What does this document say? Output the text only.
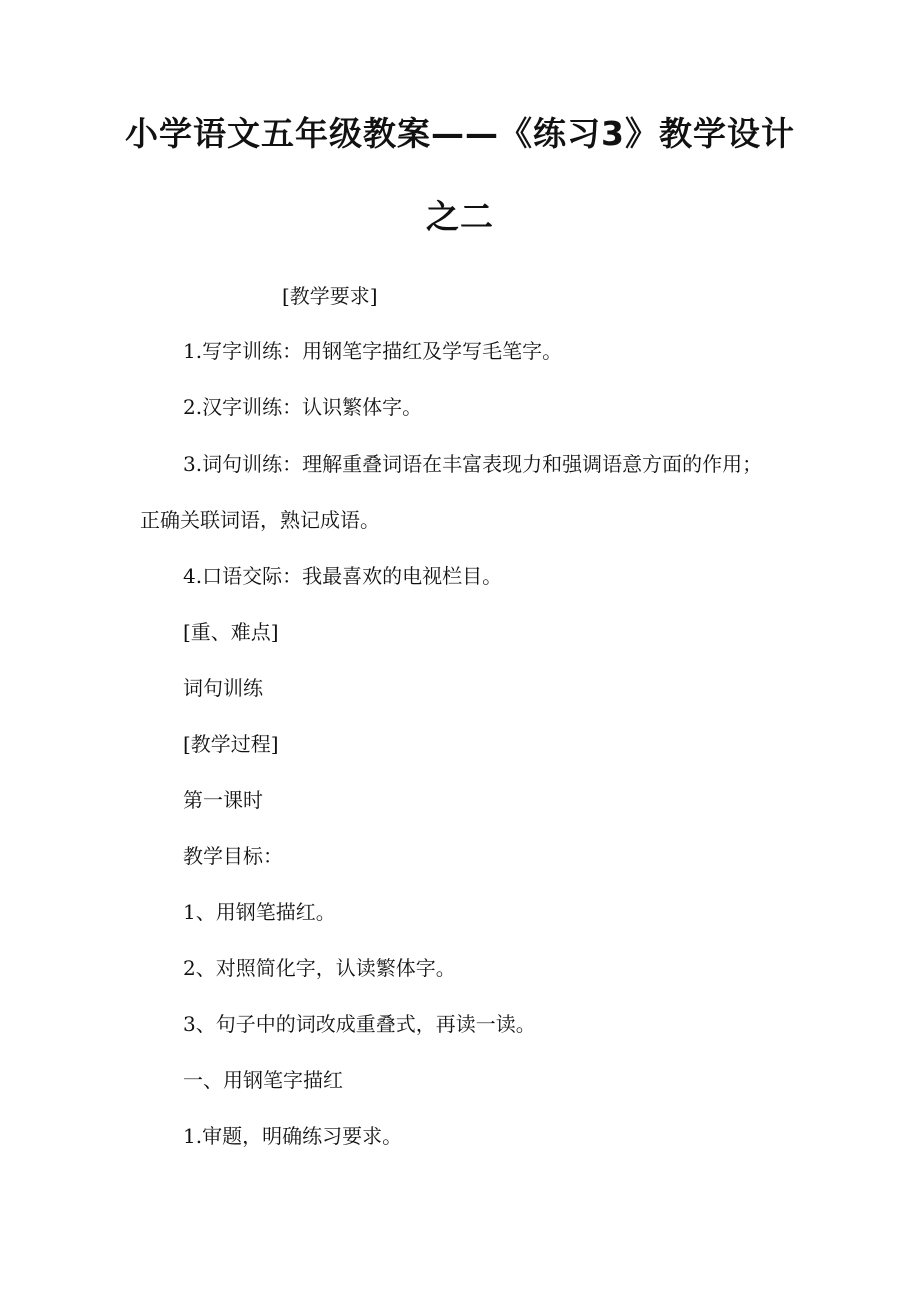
小学语文五年级教案——《练习3》教学设计
之二

[教学要求]

1.写字训练：用钢笔字描红及学写毛笔字。

2.汉字训练：认识繁体字。

3.词句训练：理解重叠词语在丰富表现力和强调语意方面的作用；

正确关联词语，熟记成语。

4.口语交际：我最喜欢的电视栏目。

[重、难点]

词句训练

[教学过程]

第一课时

教学目标：

1、用钢笔描红。

2、对照简化字，认读繁体字。

3、句子中的词改成重叠式，再读一读。

一、用钢笔字描红

1.审题，明确练习要求。
